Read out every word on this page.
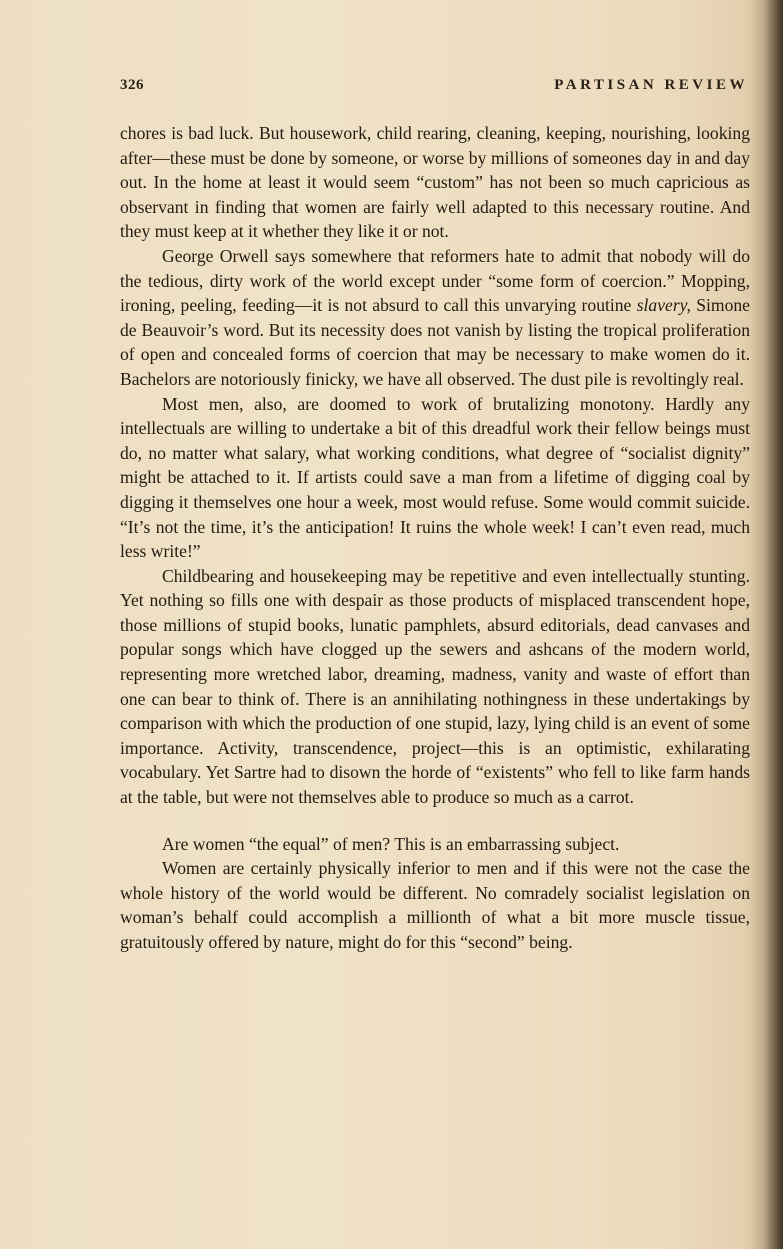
326	PARTISAN REVIEW

chores is bad luck. But housework, child rearing, cleaning, keeping, nourishing, looking after—these must be done by someone, or worse by millions of someones day in and day out. In the home at least it would seem “custom” has not been so much capricious as observant in finding that women are fairly well adapted to this necessary routine. And they must keep at it whether they like it or not.

George Orwell says somewhere that reformers hate to admit that nobody will do the tedious, dirty work of the world except under “some form of coercion.” Mopping, ironing, peeling, feeding—it is not absurd to call this unvarying routine slavery, Simone de Beauvoir’s word. But its necessity does not vanish by listing the tropical proliferation of open and concealed forms of coercion that may be necessary to make women do it. Bachelors are notoriously finicky, we have all observed. The dust pile is revoltingly real.

Most men, also, are doomed to work of brutalizing monotony. Hardly any intellectuals are willing to undertake a bit of this dreadful work their fellow beings must do, no matter what salary, what working conditions, what degree of “socialist dignity” might be attached to it. If artists could save a man from a lifetime of digging coal by digging it themselves one hour a week, most would refuse. Some would commit suicide. “It’s not the time, it’s the anticipation! It ruins the whole week! I can’t even read, much less write!”

Childbearing and housekeeping may be repetitive and even intellectually stunting. Yet nothing so fills one with despair as those products of misplaced transcendent hope, those millions of stupid books, lunatic pamphlets, absurd editorials, dead canvases and popular songs which have clogged up the sewers and ashcans of the modern world, representing more wretched labor, dreaming, madness, vanity and waste of effort than one can bear to think of. There is an annihilating nothingness in these undertakings by comparison with which the production of one stupid, lazy, lying child is an event of some importance. Activity, transcendence, project—this is an optimistic, exhilarating vocabulary. Yet Sartre had to disown the horde of “existents” who fell to like farm hands at the table, but were not themselves able to produce so much as a carrot.

Are women “the equal” of men? This is an embarrassing subject.

Women are certainly physically inferior to men and if this were not the case the whole history of the world would be different. No comradely socialist legislation on woman’s behalf could accomplish a millionth of what a bit more muscle tissue, gratuitously offered by nature, might do for this “second” being.
